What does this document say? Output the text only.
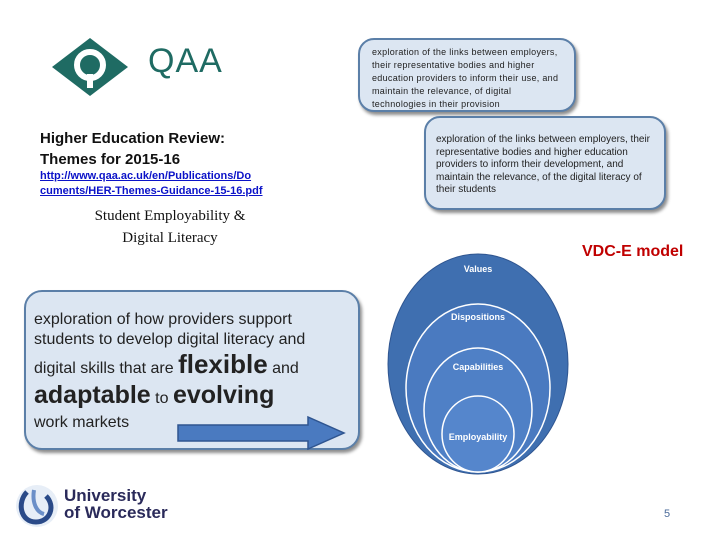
QAA
Higher Education Review:
Themes for 2015-16
http://www.qaa.ac.uk/en/Publications/Do
cuments/HER-Themes-Guidance-15-16.pdf
Student Employability &
Digital Literacy
exploration of the links between employers, their representative bodies and higher education providers to inform their use, and maintain the relevance, of digital technologies in their provision
exploration of the links between employers, their representative bodies and higher education providers to inform their development, and maintain the relevance, of the digital literacy of their students
VDC-E model
Values
Dispositions
Capabilities
Employability
exploration of how providers support
students to develop digital literacy and
digital skills that are flexible and
adaptable to evolving
work markets
University
of Worcester	5
